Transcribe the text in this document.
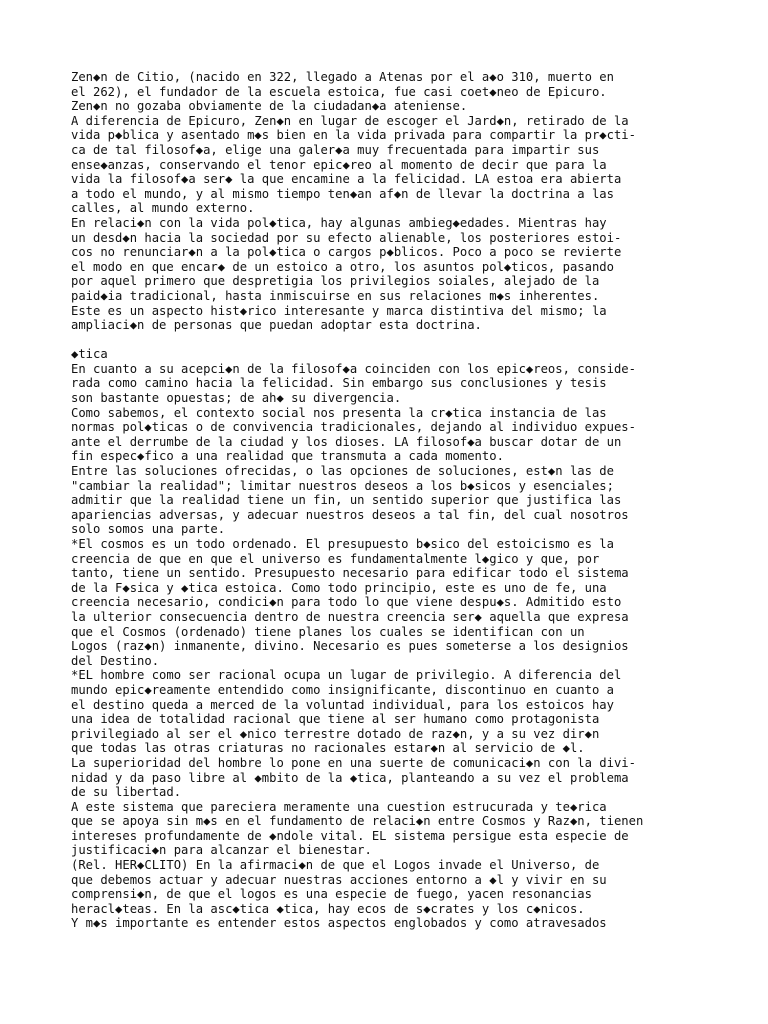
Zen◆n de Citio, (nacido en 322, llegado a Atenas por el a◆o 310, muerto en
el 262), el fundador de la escuela estoica, fue casi coet◆neo de Epicuro.
Zen◆n no gozaba obviamente de la ciudadan◆a ateniense.
A diferencia de Epicuro, Zen◆n en lugar de escoger el Jard◆n, retirado de la
vida p◆blica y asentado m◆s bien en la vida privada para compartir la pr◆cti-
ca de tal filosof◆a, elige una galer◆a muy frecuentada para impartir sus
ense◆anzas, conservando el tenor epic◆reo al momento de decir que para la
vida la filosof◆a ser◆ la que encamine a la felicidad. LA estoa era abierta
a todo el mundo, y al mismo tiempo ten◆an af◆n de llevar la doctrina a las
calles, al mundo externo.
En relaci◆n con la vida pol◆tica, hay algunas ambieg◆edades. Mientras hay
un desd◆n hacia la sociedad por su efecto alienable, los posteriores estoi-
cos no renunciar◆n a la pol◆tica o cargos p◆blicos. Poco a poco se revierte
el modo en que encar◆ de un estoico a otro, los asuntos pol◆ticos, pasando
por aquel primero que despretigia los privilegios soiales, alejado de la
paid◆ia tradicional, hasta inmiscuirse en sus relaciones m◆s inherentes.
Este es un aspecto hist◆rico interesante y marca distintiva del mismo; la
ampliaci◆n de personas que puedan adoptar esta doctrina.
◆tica
En cuanto a su acepci◆n de la filosof◆a coinciden con los epic◆reos, conside-
rada como camino hacia la felicidad. Sin embargo sus conclusiones y tesis
son bastante opuestas; de ah◆ su divergencia.
Como sabemos, el contexto social nos presenta la cr◆tica instancia de las
normas pol◆ticas o de convivencia tradicionales, dejando al individuo expues-
ante el derrumbe de la ciudad y los dioses. LA filosof◆a buscar dotar de un
fin espec◆fico a una realidad que transmuta a cada momento.
Entre las soluciones ofrecidas, o las opciones de soluciones, est◆n las de
"cambiar la realidad"; limitar nuestros deseos a los b◆sicos y esenciales;
admitir que la realidad tiene un fin, un sentido superior que justifica las
apariencias adversas, y adecuar nuestros deseos a tal fin, del cual nosotros
solo somos una parte.
*El cosmos es un todo ordenado. El presupuesto b◆sico del estoicismo es la
creencia de que en que el universo es fundamentalmente l◆gico y que, por
tanto, tiene un sentido. Presupuesto necesario para edificar todo el sistema
de la F◆sica y ◆tica estoica. Como todo principio, este es uno de fe, una
creencia necesario, condici◆n para todo lo que viene despu◆s. Admitido esto
la ulterior consecuencia dentro de nuestra creencia ser◆ aquella que expresa
que el Cosmos (ordenado) tiene planes los cuales se identifican con un
Logos (raz◆n) inmanente, divino. Necesario es pues someterse a los designios
del Destino.
*EL hombre como ser racional ocupa un lugar de privilegio. A diferencia del
mundo epic◆reamente entendido como insignificante, discontinuo en cuanto a
el destino queda a merced de la voluntad individual, para los estoicos hay
una idea de totalidad racional que tiene al ser humano como protagonista
privilegiado al ser el ◆nico terrestre dotado de raz◆n, y a su vez dir◆n
que todas las otras criaturas no racionales estar◆n al servicio de ◆l.
La superioridad del hombre lo pone en una suerte de comunicaci◆n con la divi-
nidad y da paso libre al ◆mbito de la ◆tica, planteando a su vez el problema
de su libertad.
A este sistema que pareciera meramente una cuestion estrucurada y te◆rica
que se apoya sin m◆s en el fundamento de relaci◆n entre Cosmos y Raz◆n, tienen
intereses profundamente de ◆ndole vital. EL sistema persigue esta especie de
justificaci◆n para alcanzar el bienestar.
(Rel. HER◆CLITO) En la afirmaci◆n de que el Logos invade el Universo, de
que debemos actuar y adecuar nuestras acciones entorno a ◆l y vivir en su
comprensi◆n, de que el logos es una especie de fuego, yacen resonancias
heracl◆teas. En la asc◆tica ◆tica, hay ecos de s◆crates y los c◆nicos.
Y m◆s importante es entender estos aspectos englobados y como atravesados
